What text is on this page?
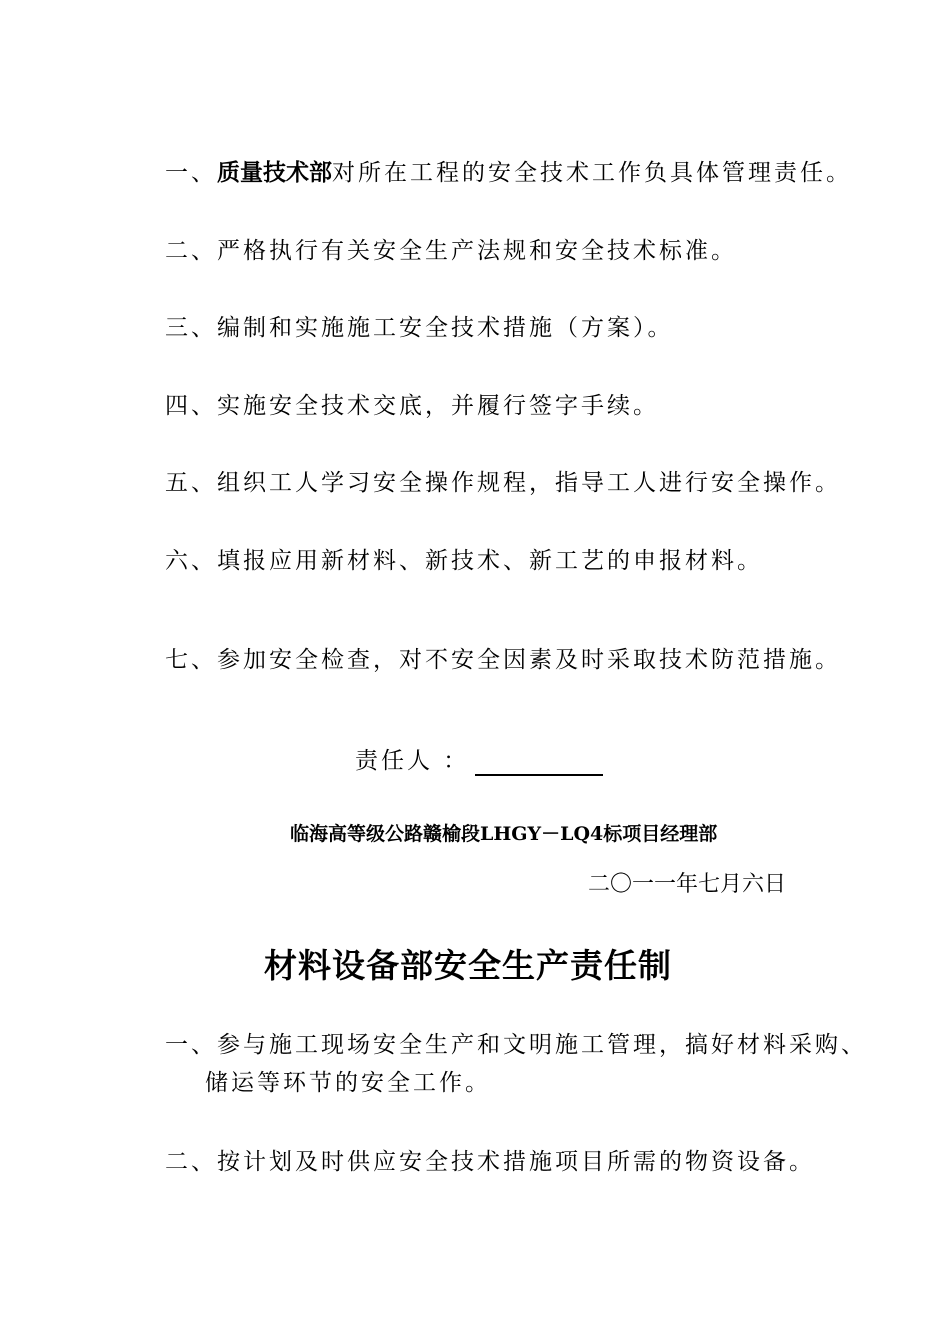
一、质量技术部对所在工程的安全技术工作负具体管理责任。
二、严格执行有关安全生产法规和安全技术标准。
三、编制和实施施工安全技术措施（方案）。
四、实施安全技术交底，并履行签字手续。
五、组织工人学习安全操作规程，指导工人进行安全操作。
六、填报应用新材料、新技术、新工艺的申报材料。
七、参加安全检查，对不安全因素及时采取技术防范措施。
责任人 ：
临海高等级公路赣榆段LHGY－LQ4标项目经理部
二〇一一年七月六日
材料设备部安全生产责任制
一、参与施工现场安全生产和文明施工管理，搞好材料采购、
储运等环节的安全工作。
二、按计划及时供应安全技术措施项目所需的物资设备。
